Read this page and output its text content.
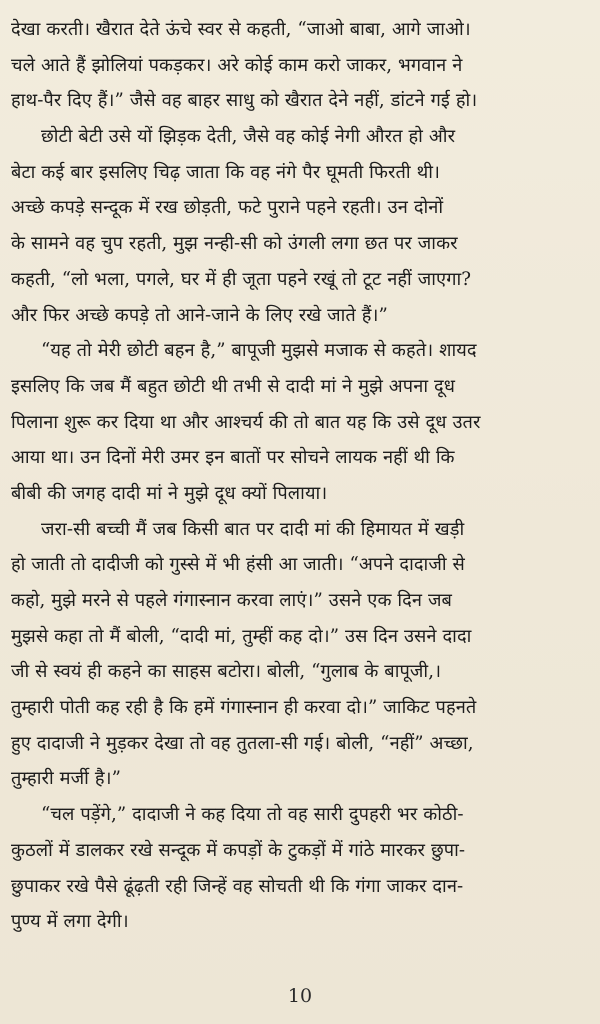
देखा करती। खैरात देते ऊंचे स्वर से कहती, “जाओ बाबा, आगे जाओ।
चले आते हैं झोलियां पकड़कर। अरे कोई काम करो जाकर, भगवान ने
हाथ-पैर दिए हैं।” जैसे वह बाहर साधु को खैरात देने नहीं, डांटने गई हो।
छोटी बेटी उसे यों झिड़क देती, जैसे वह कोई नेगी औरत हो और
बेटा कई बार इसलिए चिढ़ जाता कि वह नंगे पैर घूमती फिरती थी।
अच्छे कपड़े सन्दूक में रख छोड़ती, फटे पुराने पहने रहती। उन दोनों
के सामने वह चुप रहती, मुझ नन्ही-सी को उंगली लगा छत पर जाकर
कहती, “लो भला, पगले, घर में ही जूता पहने रखूं तो टूट नहीं जाएगा?
और फिर अच्छे कपड़े तो आने-जाने के लिए रखे जाते हैं।”
“यह तो मेरी छोटी बहन है,” बापूजी मुझसे मजाक से कहते। शायद
इसलिए कि जब मैं बहुत छोटी थी तभी से दादी मां ने मुझे अपना दूध
पिलाना शुरू कर दिया था और आश्चर्य की तो बात यह कि उसे दूध उतर
आया था। उन दिनों मेरी उमर इन बातों पर सोचने लायक नहीं थी कि
बीबी की जगह दादी मां ने मुझे दूध क्यों पिलाया।
जरा-सी बच्ची मैं जब किसी बात पर दादी मां की हिमायत में खड़ी
हो जाती तो दादीजी को गुस्से में भी हंसी आ जाती। “अपने दादाजी से
कहो, मुझे मरने से पहले गंगास्नान करवा लाएं।” उसने एक दिन जब
मुझसे कहा तो मैं बोली, “दादी मां, तुम्हीं कह दो।” उस दिन उसने दादा
जी से स्वयं ही कहने का साहस बटोरा। बोली, “गुलाब के बापूजी,।
तुम्हारी पोती कह रही है कि हमें गंगास्नान ही करवा दो।” जाकिट पहनते
हुए दादाजी ने मुड़कर देखा तो वह तुतला-सी गई। बोली, “नहीं” अच्छा,
तुम्हारी मर्जी है।”
“चल पड़ेंगे,” दादाजी ने कह दिया तो वह सारी दुपहरी भर कोठी-
कुठलों में डालकर रखे सन्दूक में कपड़ों के टुकड़ों में गांठे मारकर छुपा-
छुपाकर रखे पैसे ढूंढ़ती रही जिन्हें वह सोचती थी कि गंगा जाकर दान-
पुण्य में लगा देगी।
10
